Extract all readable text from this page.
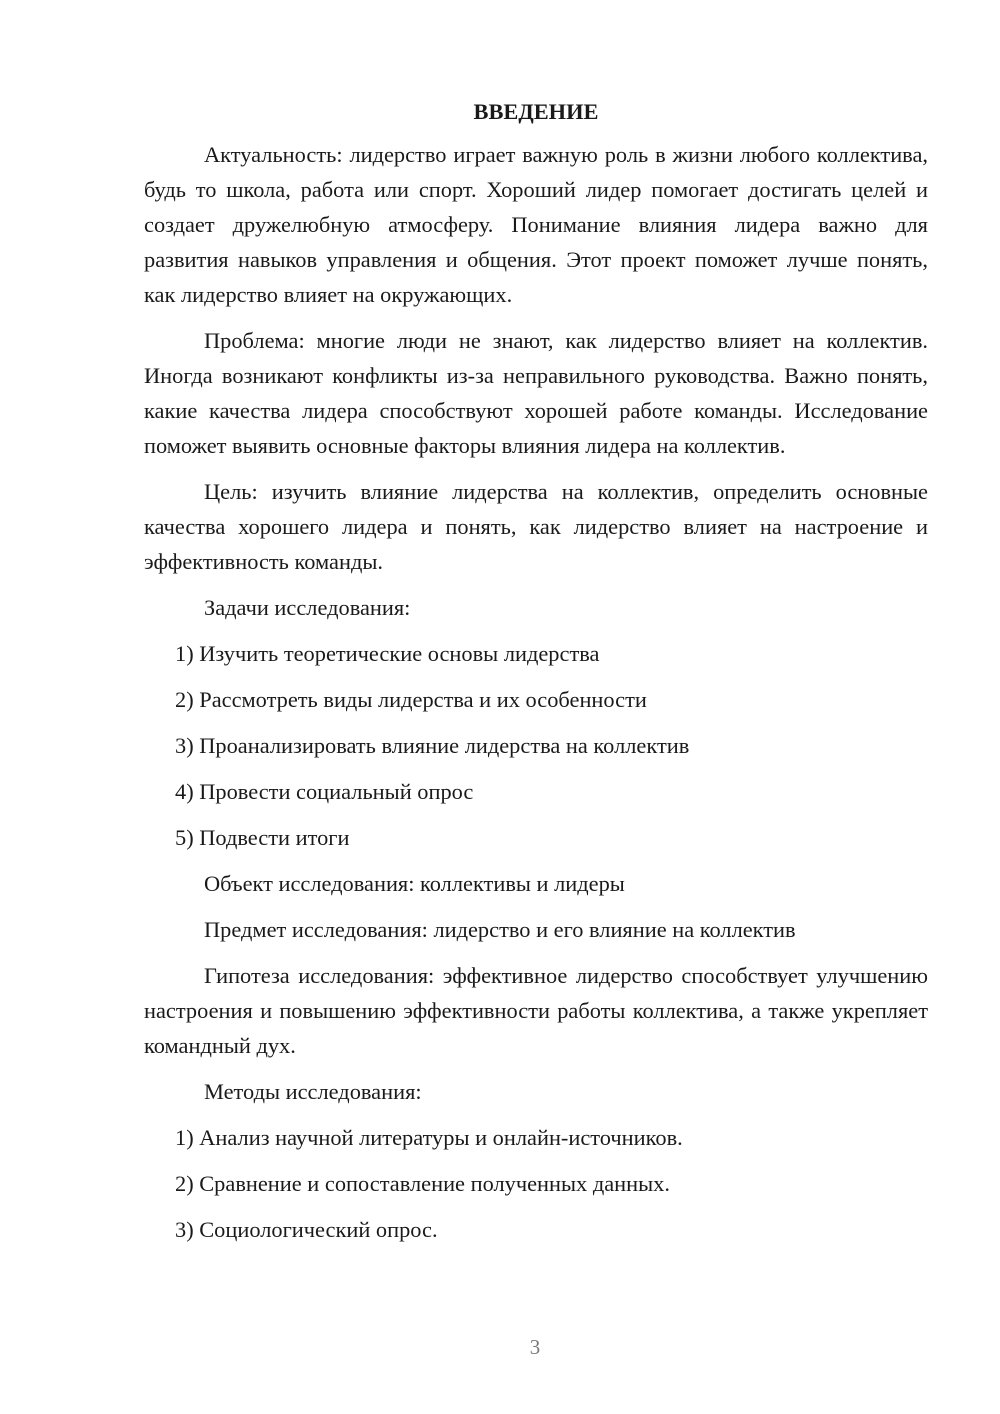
ВВЕДЕНИЕ

Актуальность: лидерство играет важную роль в жизни любого коллектива, будь то школа, работа или спорт. Хороший лидер помогает достигать целей и создает дружелюбную атмосферу. Понимание влияния лидера важно для развития навыков управления и общения. Этот проект поможет лучше понять, как лидерство влияет на окружающих.

Проблема: многие люди не знают, как лидерство влияет на коллектив. Иногда возникают конфликты из-за неправильного руководства. Важно понять, какие качества лидера способствуют хорошей работе команды. Исследование поможет выявить основные факторы влияния лидера на коллектив.

Цель: изучить влияние лидерства на коллектив, определить основные качества хорошего лидера и понять, как лидерство влияет на настроение и эффективность команды.

Задачи исследования:

1) Изучить теоретические основы лидерства

2) Рассмотреть виды лидерства и их особенности

3) Проанализировать влияние лидерства на коллектив

4) Провести социальный опрос

5) Подвести итоги

Объект исследования: коллективы и лидеры

Предмет исследования: лидерство и его влияние на коллектив

Гипотеза исследования: эффективное лидерство способствует улучшению настроения и повышению эффективности работы коллектива, а также укрепляет командный дух.

Методы исследования:

1) Анализ научной литературы и онлайн-источников.

2) Сравнение и сопоставление полученных данных.

3) Социологический опрос.

3
